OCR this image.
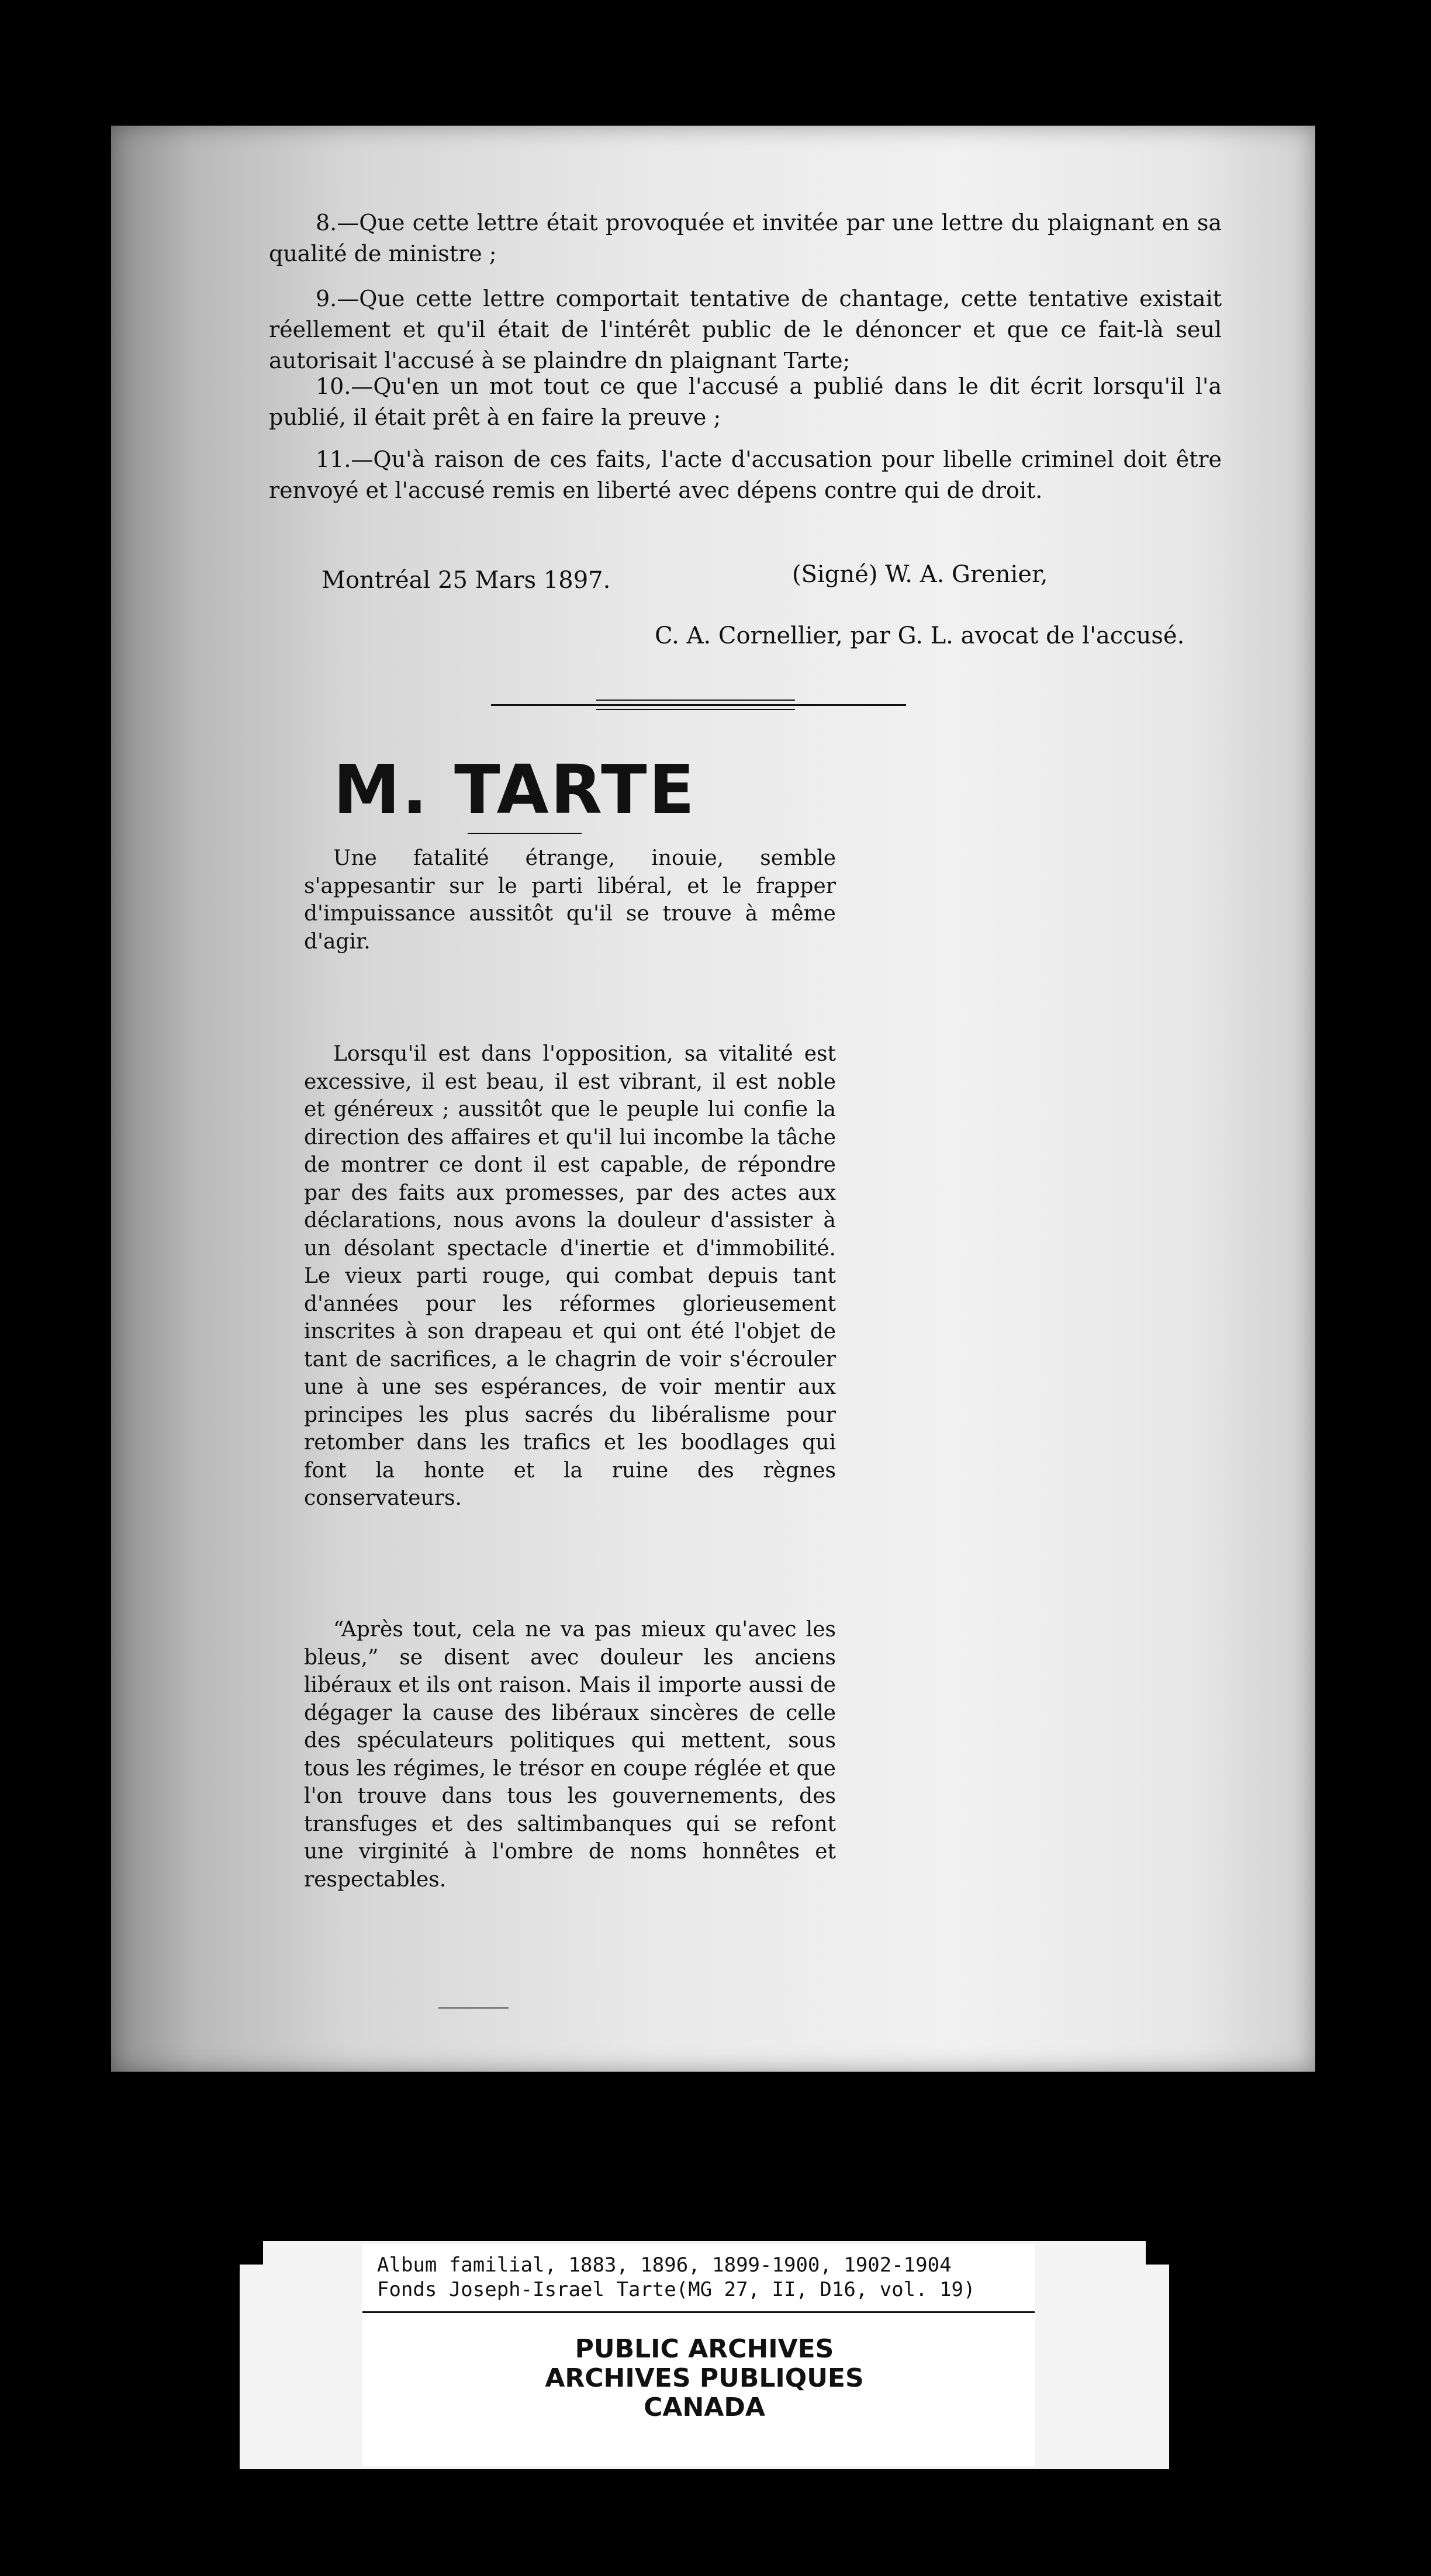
8.—Que cette lettre était provoquée et invitée par une lettre du plaignant en sa qualité de ministre ;

9.—Que cette lettre comportait tentative de chantage, cette tentative existait réellement et qu'il était de l'intérêt public de le dénoncer et que ce fait-là seul autorisait l'accusé à se plaindre dn plaignant Tarte;

10.—Qu'en un mot tout ce que l'accusé a publié dans le dit écrit lorsqu'il l'a publié, il était prêt à en faire la preuve ;

11.—Qu'à raison de ces faits, l'acte d'accusation pour libelle criminel doit être renvoyé et l'accusé remis en liberté avec dépens contre qui de droit.

Montréal 25 Mars 1897.	(Signé) W. A. Grenier,
C. A. Cornellier, par G. L. avocat de l'accusé.
M. TARTE

Une fatalité étrange, inouie, semble s'appesantir sur le parti libéral, et le frapper d'impuissance aussitôt qu'il se trouve à même d'agir.

Lorsqu'il est dans l'opposition, sa vitalité est excessive, il est beau, il est vibrant, il est noble et généreux ; aussitôt que le peuple lui confie la direction des affaires et qu'il lui incombe la tâche de montrer ce dont il est capable, de répondre par des faits aux promesses, par des actes aux déclarations, nous avons la douleur d'assister à un désolant spectacle d'inertie et d'immobilité. Le vieux parti rouge, qui combat depuis tant d'années pour les réformes glorieusement inscrites à son drapeau et qui ont été l'objet de tant de sacrifices, a le chagrin de voir s'écrouler une à une ses espérances, de voir mentir aux principes les plus sacrés du libéralisme pour retomber dans les trafics et les boodlages qui font la honte et la ruine des règnes conservateurs.

“Après tout, cela ne va pas mieux qu'avec les bleus,” se disent avec douleur les anciens libéraux et ils ont raison. Mais il importe aussi de dégager la cause des libéraux sincères de celle des spéculateurs politiques qui mettent, sous tous les régimes, le trésor en coupe réglée et que l'on trouve dans tous les gouvernements, des transfuges et des saltimbanques qui se refont une virginité à l'ombre de noms honnêtes et respectables.

Album familial, 1883, 1896, 1899-1900, 1902-1904
Fonds Joseph-Israel Tarte(MG 27, II, D16, vol. 19)
PUBLIC ARCHIVES
ARCHIVES PUBLIQUES
CANADA
